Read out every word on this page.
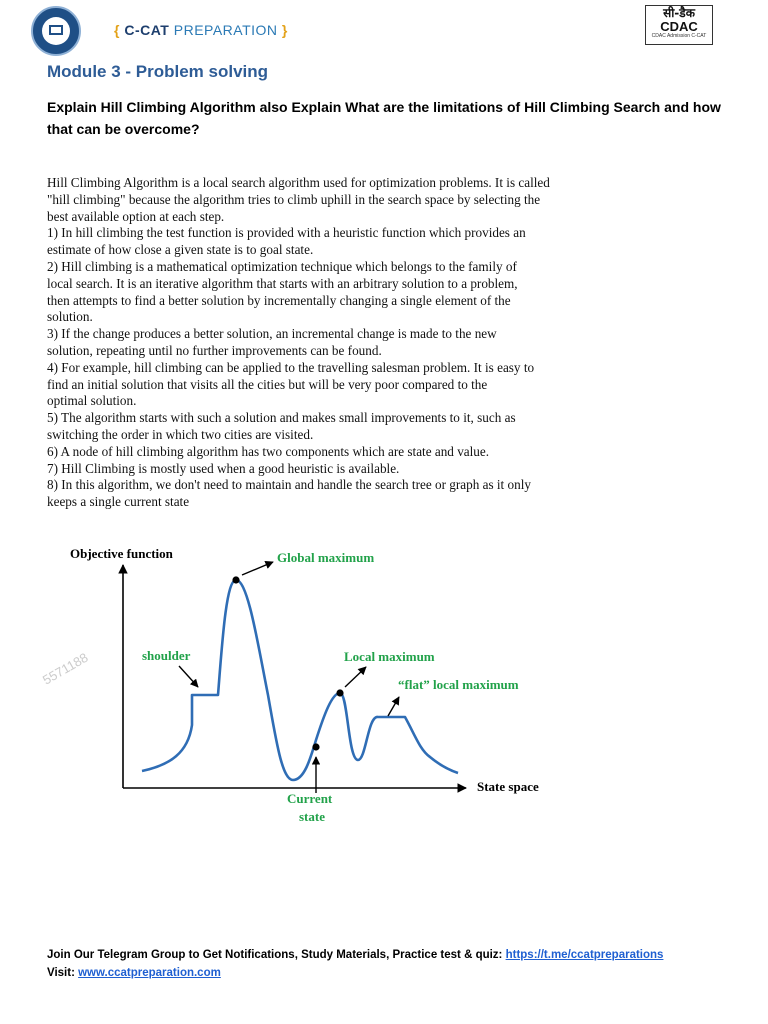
{ C-CAT PREPARATION }
सी-डैक
CDAC
CDAC Admission C-CAT
Module 3 - Problem solving
Explain Hill Climbing Algorithm also Explain What are the limitations of Hill Climbing Search and how that can be overcome?

Hill Climbing Algorithm is a local search algorithm used for optimization problems. It is called

"hill climbing" because the algorithm tries to climb uphill in the search space by selecting the

best available option at each step.

1) In hill climbing the test function is provided with a heuristic function which provides an

estimate of how close a given state is to goal state.

2) Hill climbing is a mathematical optimization technique which belongs to the family of

local search. It is an iterative algorithm that starts with an arbitrary solution to a problem,

then attempts to find a better solution by incrementally changing a single element of the

solution.

3) If the change produces a better solution, an incremental change is made to the new

solution, repeating until no further improvements can be found.

4) For example, hill climbing can be applied to the travelling salesman problem. It is easy to

find an initial solution that visits all the cities but will be very poor compared to the

optimal solution.

5) The algorithm starts with such a solution and makes small improvements to it, such as

switching the order in which two cities are visited.

6) A node of hill climbing algorithm has two components which are state and value.

7) Hill Climbing is mostly used when a good heuristic is available.

8) In this algorithm, we don't need to maintain and handle the search tree or graph as it only

keeps a single current state

5571188
Objective function
State space
Global maximum
shoulder	Local maximum
“flat” local maximum
Current
state
Join Our Telegram Group to Get Notifications, Study Materials, Practice test & quiz: https://t.me/ccatpreparations
Visit: www.ccatpreparation.com
